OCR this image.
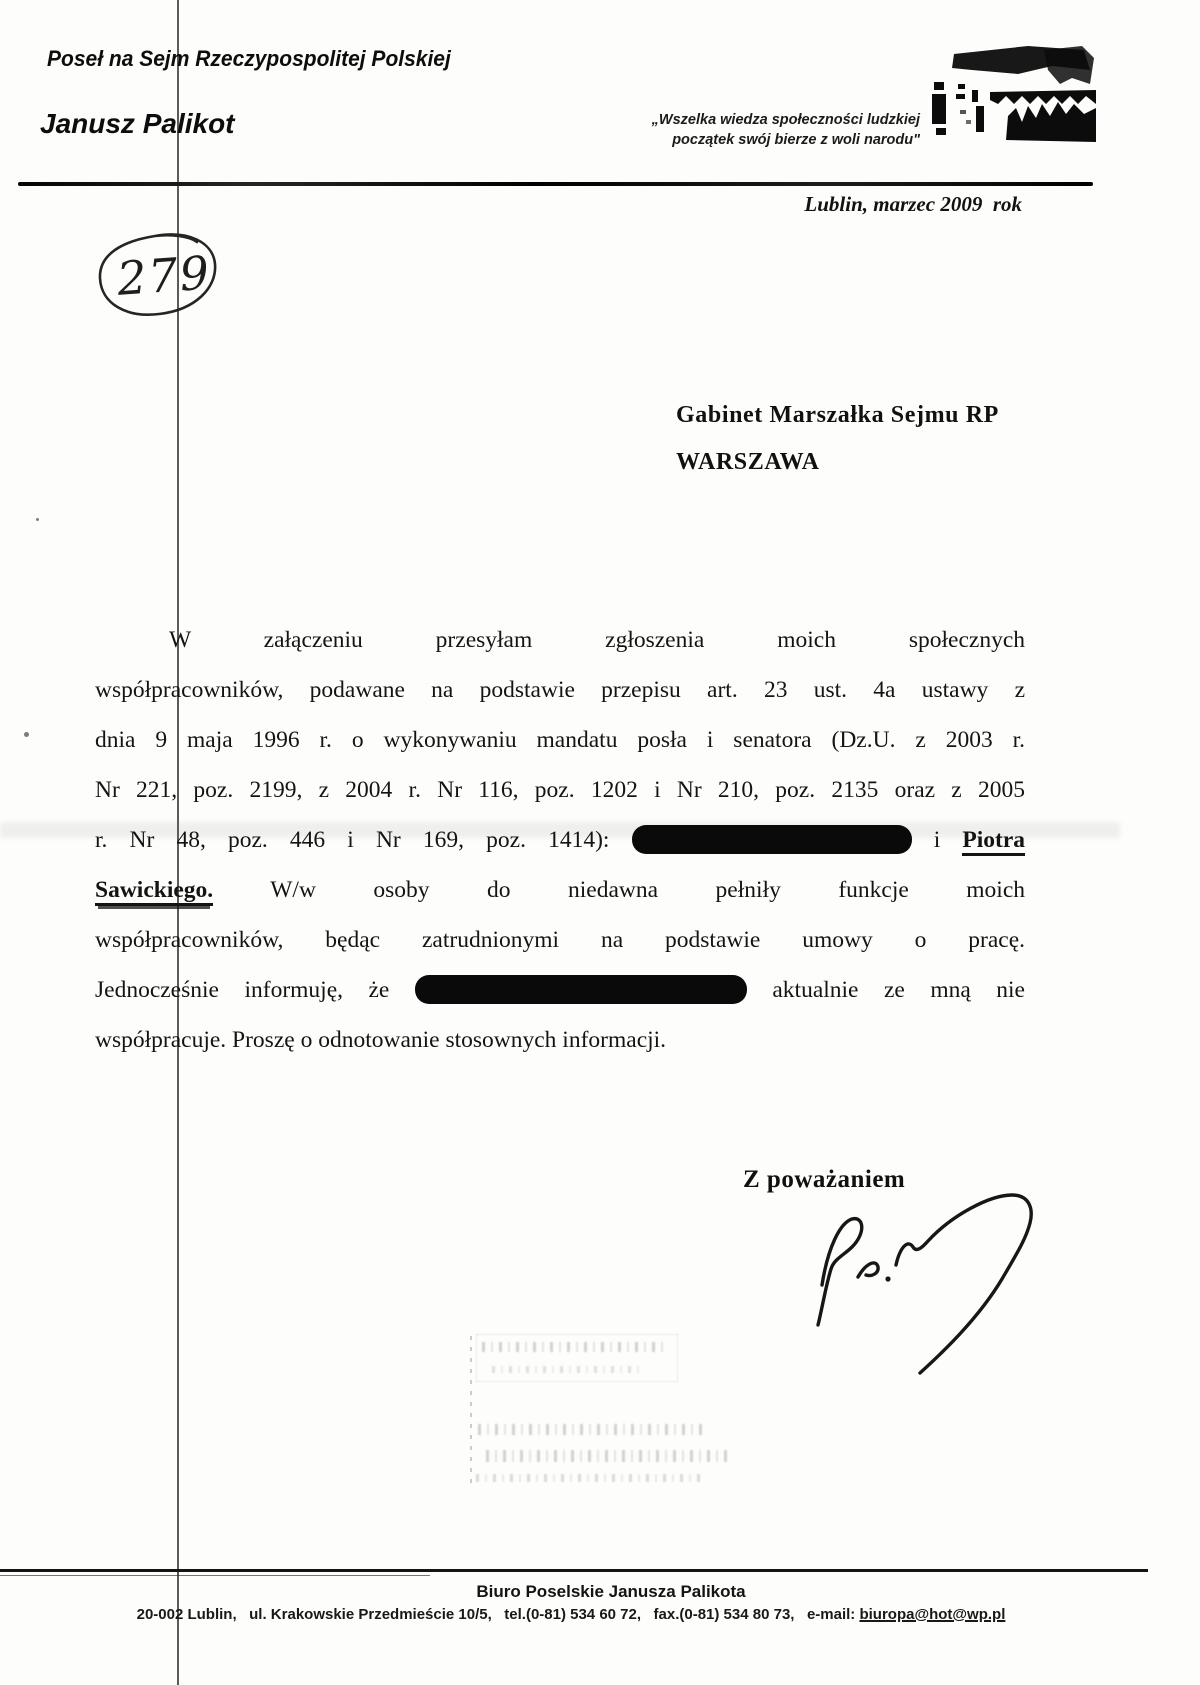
Poseł na Sejm Rzeczypospolitej Polskiej
Janusz Palikot	„Wszelka wiedza społeczności ludzkiej
początek swój bierze z woli narodu"
Lublin, marzec 2009  rok
279
Gabinet Marszałka Sejmu RP
WARSZAWA
W załączeniu przesyłam zgłoszenia moich społecznych
współpracowników, podawane na podstawie przepisu art. 23 ust. 4a ustawy z
dnia 9 maja 1996 r. o wykonywaniu mandatu posła i senatora (Dz.U. z 2003 r.
Nr 221, poz. 2199, z 2004 r. Nr 116, poz. 1202 i Nr 210, poz. 2135 oraz z 2005
r. Nr 48, poz. 446 i Nr 169, poz. 1414):	i Piotra
Sawickiego. W/w osoby do niedawna pełniły funkcje moich
współpracowników, będąc zatrudnionymi na podstawie umowy o pracę.
Jednocześnie informuję, że	aktualnie ze mną nie
współpracuje. Proszę o odnotowanie stosownych informacji.
Z poważaniem
Biuro Poselskie Janusza Palikota
20-002 Lublin,   ul. Krakowskie Przedmieście 10/5,   tel.(0-81) 534 60 72,   fax.(0-81) 534 80 73,   e-mail: biuropa@hot@wp.pl
